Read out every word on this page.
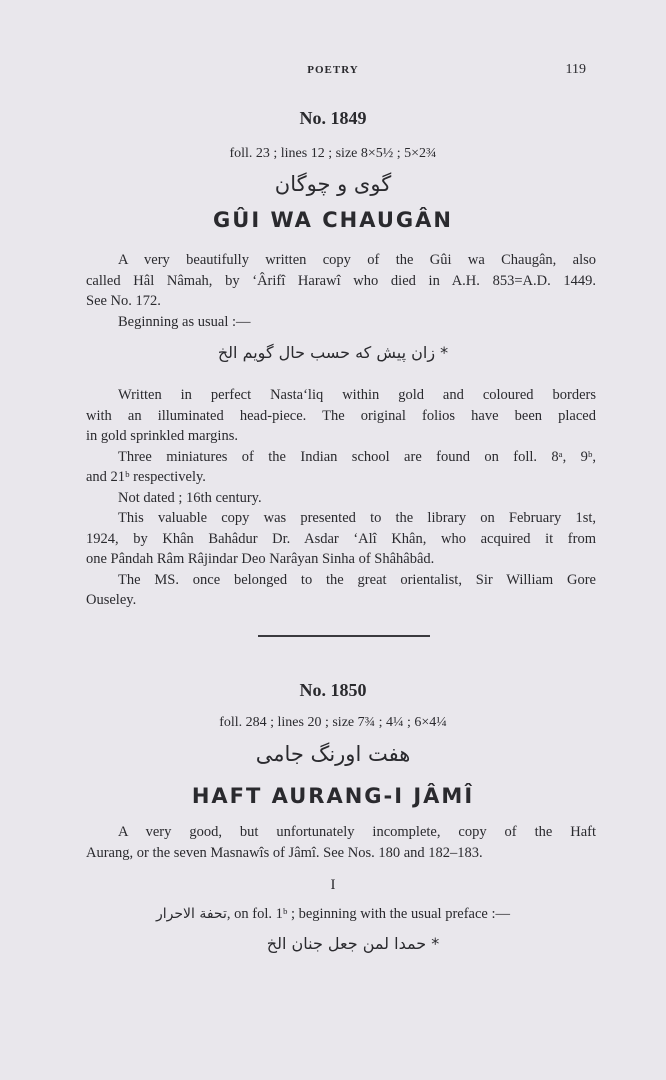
POETRY	119
No. 1849
foll. 23 ; lines 12 ; size 8×5½ ; 5×2¾
گوی و چوگان
GÛI WA CHAUGÂN
A very beautifully written copy of the Gûi wa Chaugân, also
called Hâl Nâmah, by ‘Ârifî Harawî who died in A.H. 853=A.D. 1449.
See No. 172.
Beginning as usual :—
زان پیش که حسب حال گویم الخ *
Written in perfect Nasta‘liq within gold and coloured borders
with an illuminated head-piece. The original folios have been placed
in gold sprinkled margins.
Three miniatures of the Indian school are found on foll. 8ᵃ, 9ᵇ,
and 21ᵇ respectively.
Not dated ; 16th century.
This valuable copy was presented to the library on February 1st,
1924, by Khân Bahâdur Dr. Asdar ‘Alî Khân, who acquired it from
one Pândah Râm Râjindar Deo Narâyan Sinha of Shâhâbâd.
The MS. once belonged to the great orientalist, Sir William Gore
Ouseley.
No. 1850
foll. 284 ; lines 20 ; size 7¾ ; 4¼ ; 6×4¼
هفت اورنگ جامی
HAFT AURANG-I JÂMÎ
A very good, but unfortunately incomplete, copy of the Haft
Aurang, or the seven Masnawîs of Jâmî. See Nos. 180 and 182–183.
I
تحفة الاحرار, on fol. 1ᵇ ; beginning with the usual preface :—
حمدا لمن جعل جنان الخ *
